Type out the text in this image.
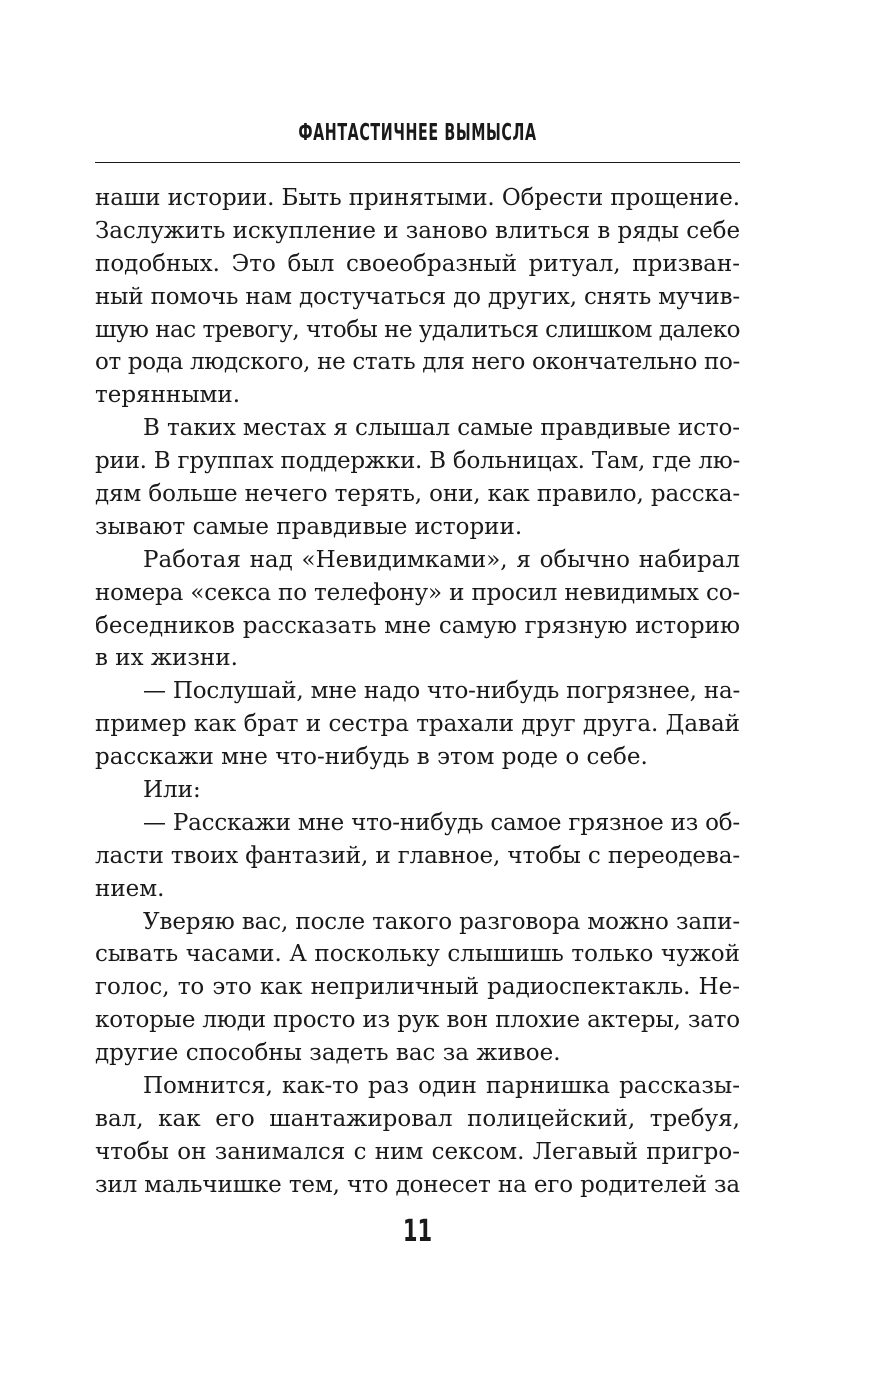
ФАНТАСТИЧНЕЕ ВЫМЫСЛА
наши истории. Быть принятыми. Обрести прощение.
Заслужить искупление и заново влиться в ряды себе
подобных. Это был своеобразный ритуал, призван-
ный помочь нам достучаться до других, снять мучив-
шую нас тревогу, чтобы не удалиться слишком далеко
от рода людского, не стать для него окончательно по-
терянными.
В таких местах я слышал самые правдивые исто-
рии. В группах поддержки. В больницах. Там, где лю-
дям больше нечего терять, они, как правило, расска-
зывают самые правдивые истории.
Работая над «Невидимками», я обычно набирал
номера «секса по телефону» и просил невидимых со-
беседников рассказать мне самую грязную историю
в их жизни.
— Послушай, мне надо что-нибудь погрязнее, на-
пример как брат и сестра трахали друг друга. Давай
расскажи мне что-нибудь в этом роде о себе.
Или:
— Расскажи мне что-нибудь самое грязное из об-
ласти твоих фантазий, и главное, чтобы с переодева-
нием.
Уверяю вас, после такого разговора можно запи-
сывать часами. А поскольку слышишь только чужой
голос, то это как неприличный радиоспектакль. Не-
которые люди просто из рук вон плохие актеры, зато
другие способны задеть вас за живое.
Помнится, как-то раз один парнишка рассказы-
вал, как его шантажировал полицейский, требуя,
чтобы он занимался с ним сексом. Легавый пригро-
зил мальчишке тем, что донесет на его родителей за
11
